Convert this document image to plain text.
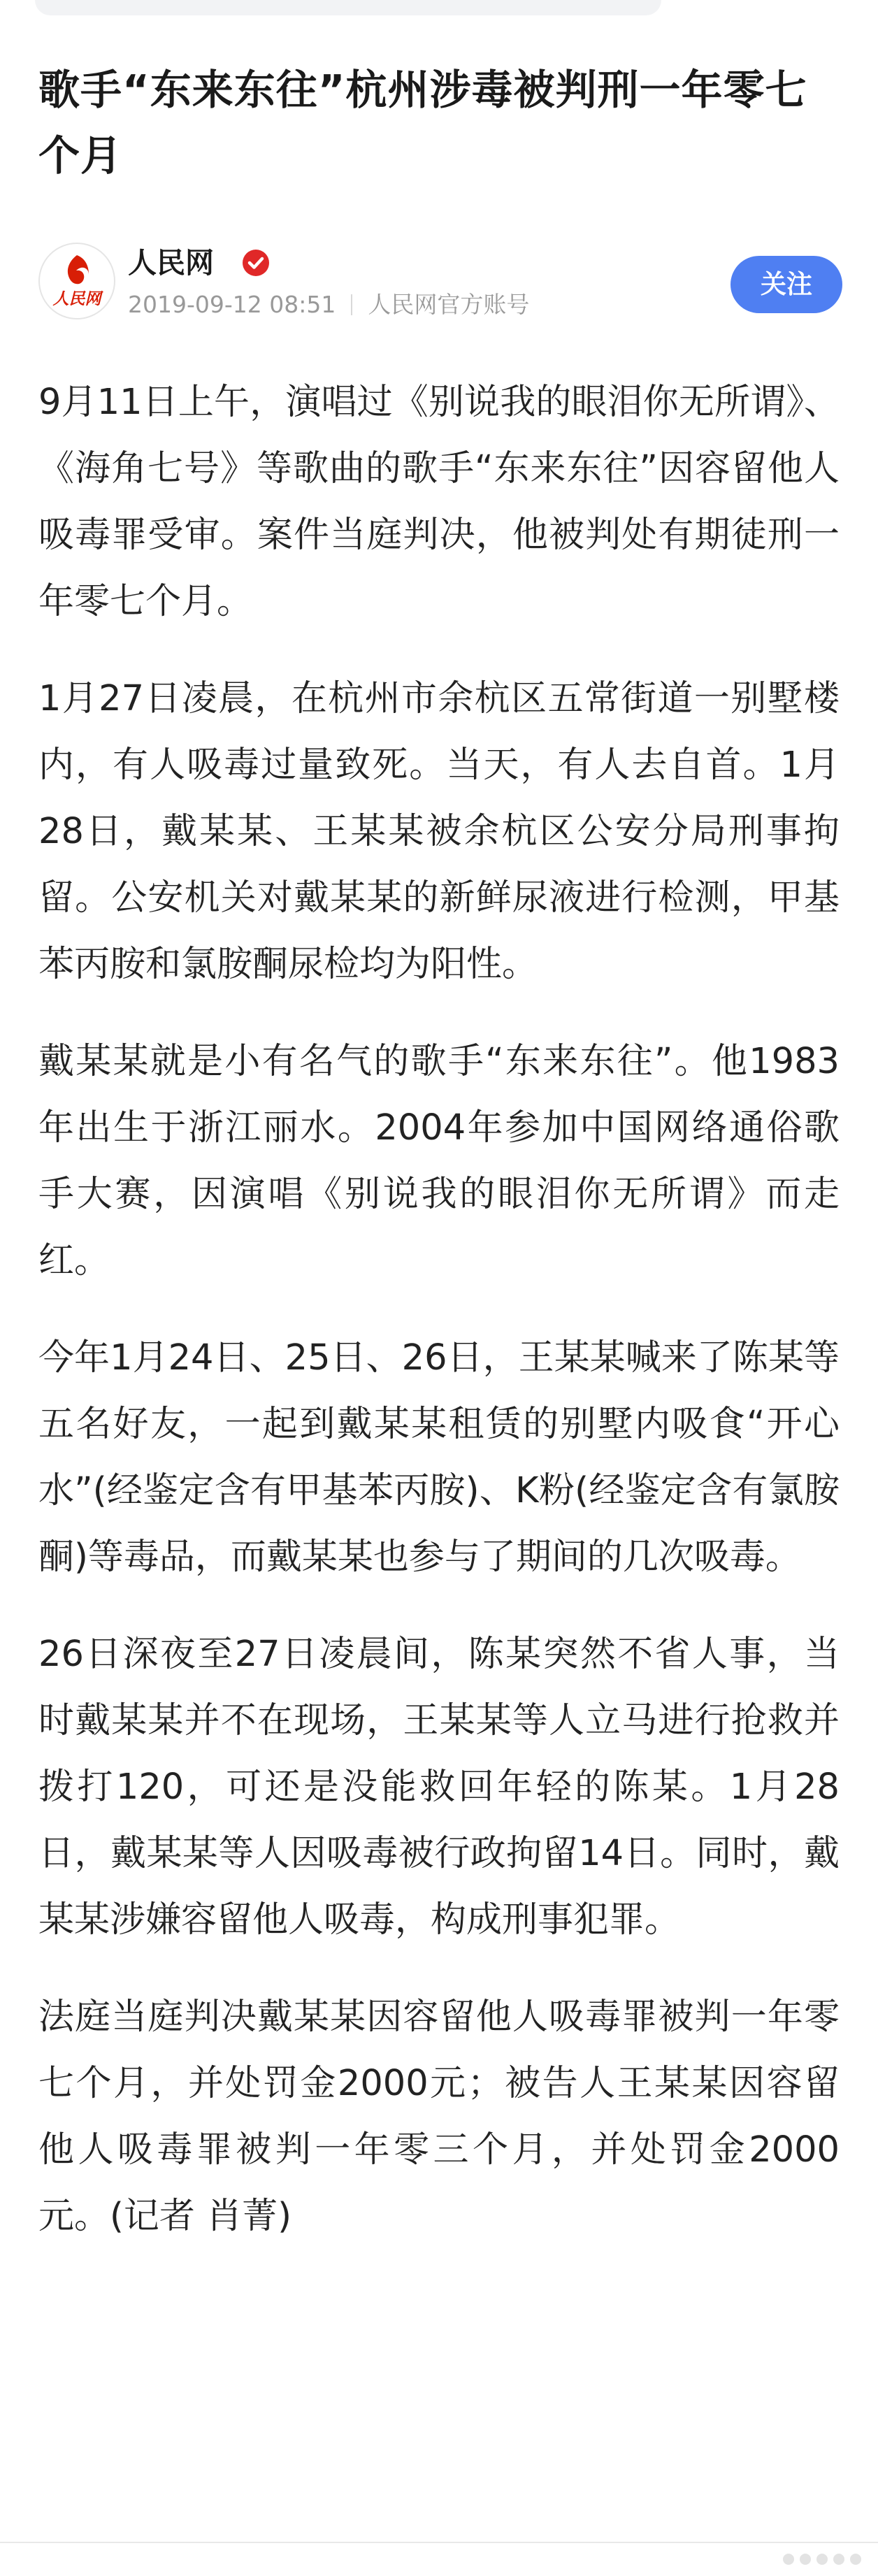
歌手“东来东往”杭州涉毒被判刑一年零七个月
人民网
人民网
2019-09-12 08:51 人民网官方账号
关注

9月11日上午，演唱过《别说我的眼泪你无所谓》、《海角七号》等歌曲的歌手“东来东往”因容留他人吸毒罪受审。案件当庭判决，他被判处有期徒刑一年零七个月。

1月27日凌晨，在杭州市余杭区五常街道一别墅楼内，有人吸毒过量致死。当天，有人去自首。1月28日，戴某某、王某某被余杭区公安分局刑事拘留。公安机关对戴某某的新鲜尿液进行检测，甲基苯丙胺和氯胺酮尿检均为阳性。

戴某某就是小有名气的歌手“东来东往”。他1983年出生于浙江丽水。2004年参加中国网络通俗歌手大赛，因演唱《别说我的眼泪你无所谓》而走红。

今年1月24日、25日、26日，王某某喊来了陈某等五名好友，一起到戴某某租赁的别墅内吸食“开心水”(经鉴定含有甲基苯丙胺)、K粉(经鉴定含有氯胺酮)等毒品，而戴某某也参与了期间的几次吸毒。

26日深夜至27日凌晨间，陈某突然不省人事，当时戴某某并不在现场，王某某等人立马进行抢救并拨打120，可还是没能救回年轻的陈某。1月28日，戴某某等人因吸毒被行政拘留14日。同时，戴某某涉嫌容留他人吸毒，构成刑事犯罪。

法庭当庭判决戴某某因容留他人吸毒罪被判一年零七个月，并处罚金2000元；被告人王某某因容留他人吸毒罪被判一年零三个月，并处罚金2000元。(记者 肖菁)
